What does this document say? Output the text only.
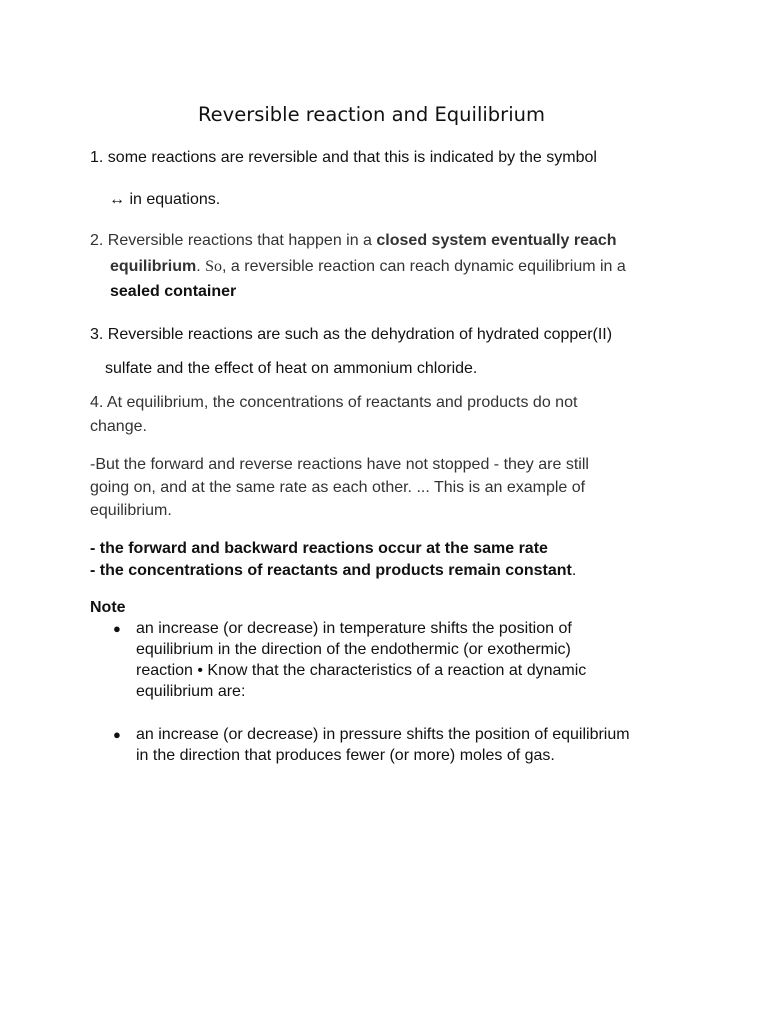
Reversible reaction and Equilibrium
1. some reactions are reversible and that this is indicated by the symbol
↔ in equations.
2. Reversible reactions that happen in a closed system eventually reach
equilibrium. So, a reversible reaction can reach dynamic equilibrium in a
sealed container
3. Reversible reactions are such as the dehydration of hydrated copper(II)
sulfate and the effect of heat on ammonium chloride.
4. At equilibrium, the concentrations of reactants and products do not
change.
-But the forward and reverse reactions have not stopped - they are still
going on, and at the same rate as each other. ... This is an example of
equilibrium.
- the forward and backward reactions occur at the same rate
- the concentrations of reactants and products remain constant.
Note
● an increase (or decrease) in temperature shifts the position of
equilibrium in the direction of the endothermic (or exothermic)
reaction • Know that the characteristics of a reaction at dynamic
equilibrium are:
● an increase (or decrease) in pressure shifts the position of equilibrium
in the direction that produces fewer (or more) moles of gas.
